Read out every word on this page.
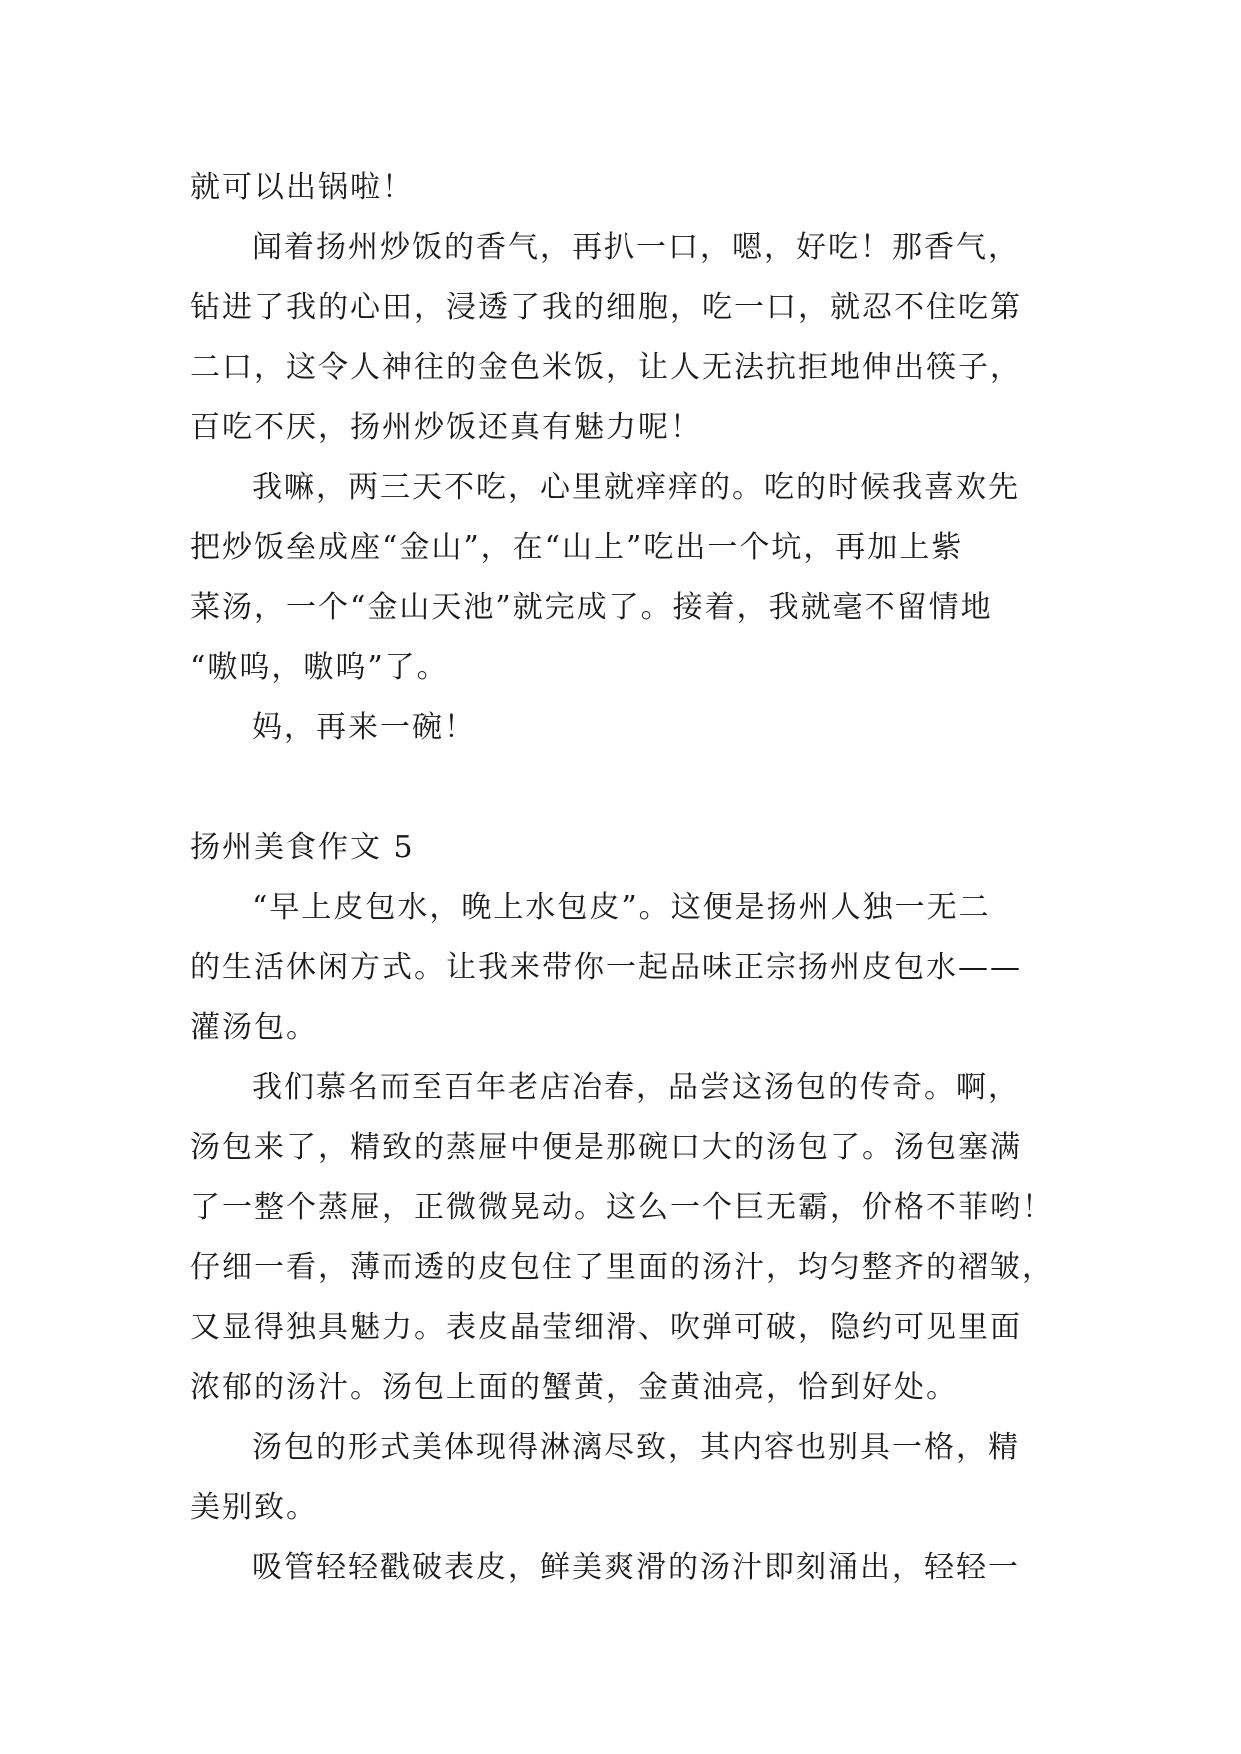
就可以出锅啦！
闻着扬州炒饭的香气，再扒一口，嗯，好吃！那香气，
钻进了我的心田，浸透了我的细胞，吃一口，就忍不住吃第
二口，这令人神往的金色米饭，让人无法抗拒地伸出筷子，
百吃不厌，扬州炒饭还真有魅力呢！
我嘛，两三天不吃，心里就痒痒的。吃的时候我喜欢先
把炒饭垒成座“金山”，在“山上”吃出一个坑，再加上紫
菜汤，一个“金山天池”就完成了。接着，我就毫不留情地
“嗷呜，嗷呜”了。
妈，再来一碗！
扬州美食作文 5
“早上皮包水，晚上水包皮”。这便是扬州人独一无二
的生活休闲方式。让我来带你一起品味正宗扬州皮包水——
灌汤包。
我们慕名而至百年老店冶春，品尝这汤包的传奇。啊，
汤包来了，精致的蒸屉中便是那碗口大的汤包了。汤包塞满
了一整个蒸屉，正微微晃动。这么一个巨无霸，价格不菲哟！
仔细一看，薄而透的皮包住了里面的汤汁，均匀整齐的褶皱，
又显得独具魅力。表皮晶莹细滑、吹弹可破，隐约可见里面
浓郁的汤汁。汤包上面的蟹黄，金黄油亮，恰到好处。
汤包的形式美体现得淋漓尽致，其内容也别具一格，精
美别致。
吸管轻轻戳破表皮，鲜美爽滑的汤汁即刻涌出，轻轻一
